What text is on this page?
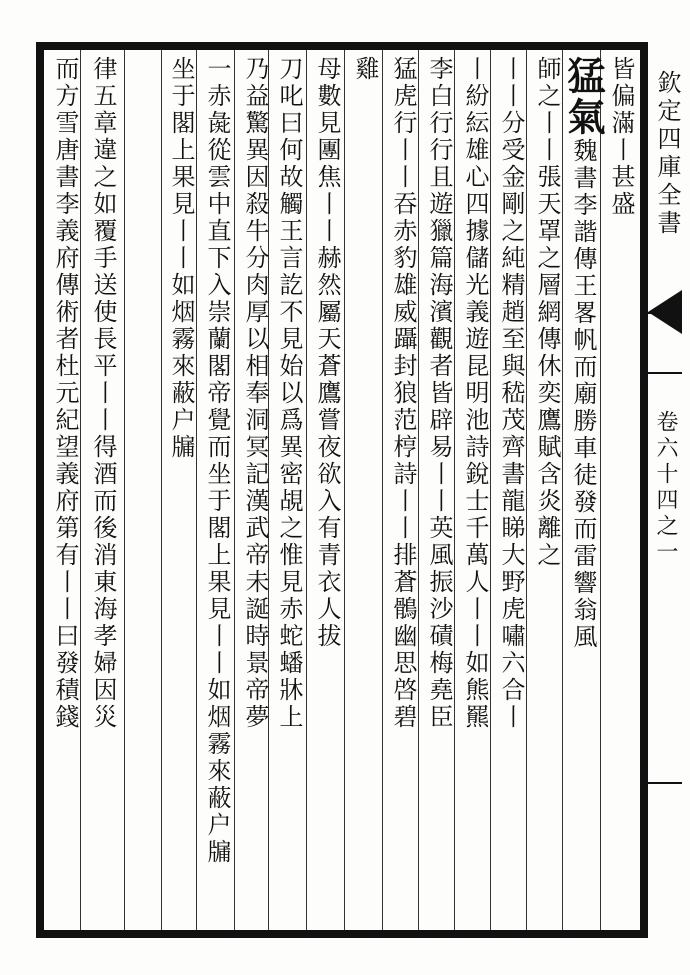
欽定四庫全書
卷六十四之一
皆偏滿丨甚盛
猛氣魏書李諧傳王畧帆而廟勝車徒發而雷響翁風
師之丨丨張天罩之層網傳休奕鷹賦含炎離之
丨丨分受金剛之純精趙至與嵇茂齊書龍睇大野虎嘯六合丨
丨紛紜雄心四據儲光義遊昆明池詩銳士千萬人丨丨如熊羆
李白行行且遊獵篇海濱觀者皆辟易丨丨英風振沙磧梅堯臣
猛虎行丨丨吞赤豹雄威躡封狼范梈詩丨丨排蒼鶻幽思啓碧
雞
母數見團焦丨丨赫然屬天蒼鷹嘗夜欲入有青衣人拔
刀叱曰何故觸王言訖不見始以爲異密覘之惟見赤蛇蟠牀上
乃益驚異因殺牛分肉厚以相奉洞冥記漢武帝未誕時景帝夢
一赤彘從雲中直下入崇蘭閣帝覺而坐于閣上果見丨丨如烟霧來蔽户牖
坐于閣上果見丨丨如烟霧來蔽户牖
律五章違之如覆手送使長平丨丨得酒而後消東海孝婦因災
而方雪唐書李義府傳術者杜元紀望義府第有丨丨曰發積錢
